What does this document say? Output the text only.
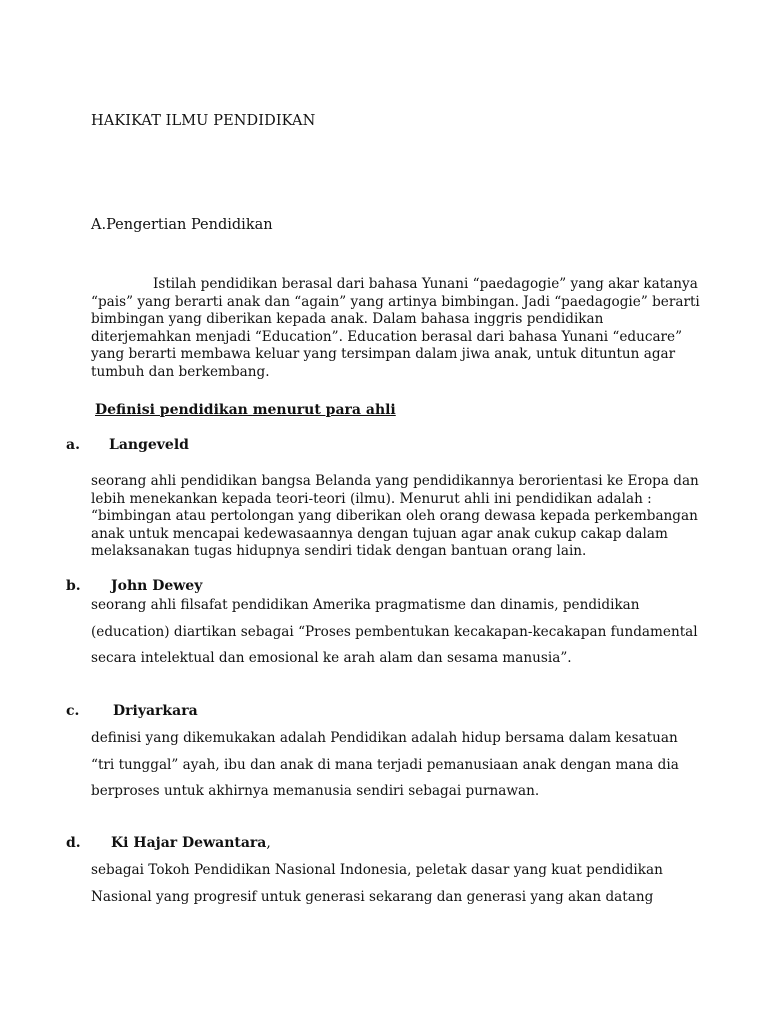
HAKIKAT ILMU PENDIDIKAN
A.Pengertian Pendidikan
Istilah pendidikan berasal dari bahasa Yunani “paedagogie” yang akar katanya
“pais” yang berarti anak dan “again” yang artinya bimbingan. Jadi “paedagogie” berarti
bimbingan yang diberikan kepada anak. Dalam bahasa inggris pendidikan
diterjemahkan menjadi “Education”. Education berasal dari bahasa Yunani “educare”
yang berarti membawa keluar yang tersimpan dalam jiwa anak, untuk dituntun agar
tumbuh dan berkembang.
Definisi pendidikan menurut para ahli
a. Langeveld
seorang ahli pendidikan bangsa Belanda yang pendidikannya berorientasi ke Eropa dan
lebih menekankan kepada teori-teori (ilmu). Menurut ahli ini pendidikan adalah :
“bimbingan atau pertolongan yang diberikan oleh orang dewasa kepada perkembangan
anak untuk mencapai kedewasaannya dengan tujuan agar anak cukup cakap dalam
melaksanakan tugas hidupnya sendiri tidak dengan bantuan orang lain.
b. John Dewey
seorang ahli filsafat pendidikan Amerika pragmatisme dan dinamis, pendidikan
(education) diartikan sebagai “Proses pembentukan kecakapan-kecakapan fundamental
secara intelektual dan emosional ke arah alam dan sesama manusia”.
c. Driyarkara
definisi yang dikemukakan adalah Pendidikan adalah hidup bersama dalam kesatuan
“tri tunggal” ayah, ibu dan anak di mana terjadi pemanusiaan anak dengan mana dia
berproses untuk akhirnya memanusia sendiri sebagai purnawan.
d. Ki Hajar Dewantara,
sebagai Tokoh Pendidikan Nasional Indonesia, peletak dasar yang kuat pendidikan
Nasional yang progresif untuk generasi sekarang dan generasi yang akan datang
